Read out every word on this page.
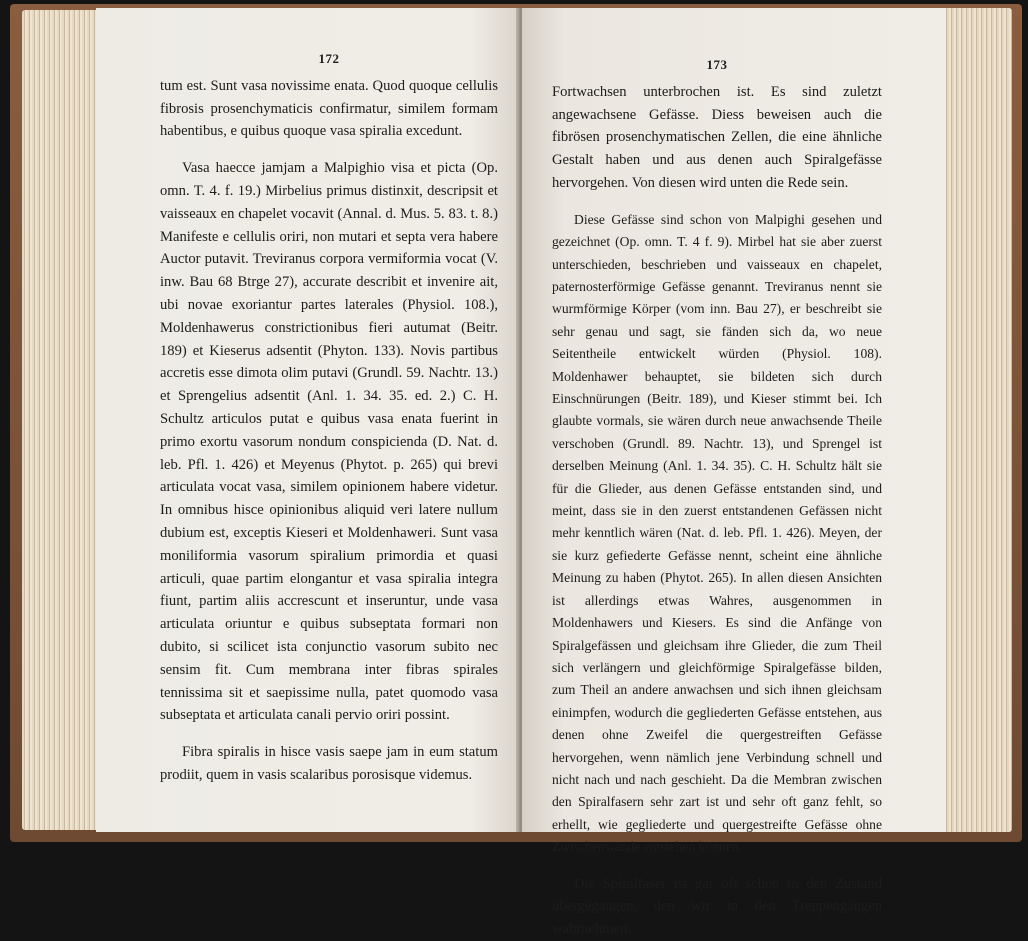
172

tum est. Sunt vasa novissime enata. Quod quoque cellulis fibrosis prosenchymaticis confirmatur, similem formam habentibus, e quibus quoque vasa spiralia excedunt.

Vasa haecce jamjam a Malpighio visa et picta (Op. omn. T. 4. f. 19.) Mirbelius primus distinxit, descripsit et vaisseaux en chapelet vocavit (Annal. d. Mus. 5. 83. t. 8.) Manifeste e cellulis oriri, non mutari et septa vera habere Auctor putavit. Treviranus corpora vermiformia vocat (V. inw. Bau 68 Btrge 27), accurate describit et invenire ait, ubi novae exoriantur partes laterales (Physiol. 108.), Moldenhawerus constrictionibus fieri autumat (Beitr. 189) et Kieserus adsentit (Phyton. 133). Novis partibus accretis esse dimota olim putavi (Grundl. 59. Nachtr. 13.) et Sprengelius adsentit (Anl. 1. 34. 35. ed. 2.) C. H. Schultz articulos putat e quibus vasa enata fuerint in primo exortu vasorum nondum conspicienda (D. Nat. d. leb. Pfl. 1. 426) et Meyenus (Phytot. p. 265) qui brevi articulata vocat vasa, similem opinionem habere videtur. In omnibus hisce opinionibus aliquid veri latere nullum dubium est, exceptis Kieseri et Moldenhaweri. Sunt vasa moniliformia vasorum spiralium primordia et quasi articuli, quae partim elongantur et vasa spiralia integra fiunt, partim aliis accrescunt et inseruntur, unde vasa articulata oriuntur e quibus subseptata formari non dubito, si scilicet ista conjunctio vasorum subito nec sensim fit. Cum membrana inter fibras spirales tennissima sit et saepissime nulla, patet quomodo vasa subseptata et articulata canali pervio oriri possint.

Fibra spiralis in hisce vasis saepe jam in eum statum prodiit, quem in vasis scalaribus porosisque videmus.

173

Fortwachsen unterbrochen ist. Es sind zuletzt angewachsene Gefässe. Diess beweisen auch die fibrösen prosenchymatischen Zellen, die eine ähnliche Gestalt haben und aus denen auch Spiralgefässe hervorgehen. Von diesen wird unten die Rede sein.

Diese Gefässe sind schon von Malpighi gesehen und gezeichnet (Op. omn. T. 4 f. 9). Mirbel hat sie aber zuerst unterschieden, beschrieben und vaisseaux en chapelet, paternosterförmige Gefässe genannt. Treviranus nennt sie wurmförmige Körper (vom inn. Bau 27), er beschreibt sie sehr genau und sagt, sie fänden sich da, wo neue Seitentheile entwickelt würden (Physiol. 108). Moldenhawer behauptet, sie bildeten sich durch Einschnürungen (Beitr. 189), und Kieser stimmt bei. Ich glaubte vormals, sie wären durch neue anwachsende Theile verschoben (Grundl. 89. Nachtr. 13), und Sprengel ist derselben Meinung (Anl. 1. 34. 35). C. H. Schultz hält sie für die Glieder, aus denen Gefässe entstanden sind, und meint, dass sie in den zuerst entstandenen Gefässen nicht mehr kenntlich wären (Nat. d. leb. Pfl. 1. 426). Meyen, der sie kurz gefiederte Gefässe nennt, scheint eine ähnliche Meinung zu haben (Phytot. 265). In allen diesen Ansichten ist allerdings etwas Wahres, ausgenommen in Moldenhawers und Kiesers. Es sind die Anfänge von Spiralgefässen und gleichsam ihre Glieder, die zum Theil sich verlängern und gleichförmige Spiralgefässe bilden, zum Theil an andere anwachsen und sich ihnen gleichsam einimpfen, wodurch die gegliederten Gefässe entstehen, aus denen ohne Zweifel die quergestreiften Gefässe hervorgehen, wenn nämlich jene Verbindung schnell und nicht nach und nach geschieht. Da die Membran zwischen den Spiralfasern sehr zart ist und sehr oft ganz fehlt, so erhellt, wie gegliederte und quergestreifte Gefässe ohne Zwischenwände entstehen können.

Die Spiralfaser ist gar oft schon in den Zustand übergegangen, den wir in den Treppengängen wahrnehmen.
